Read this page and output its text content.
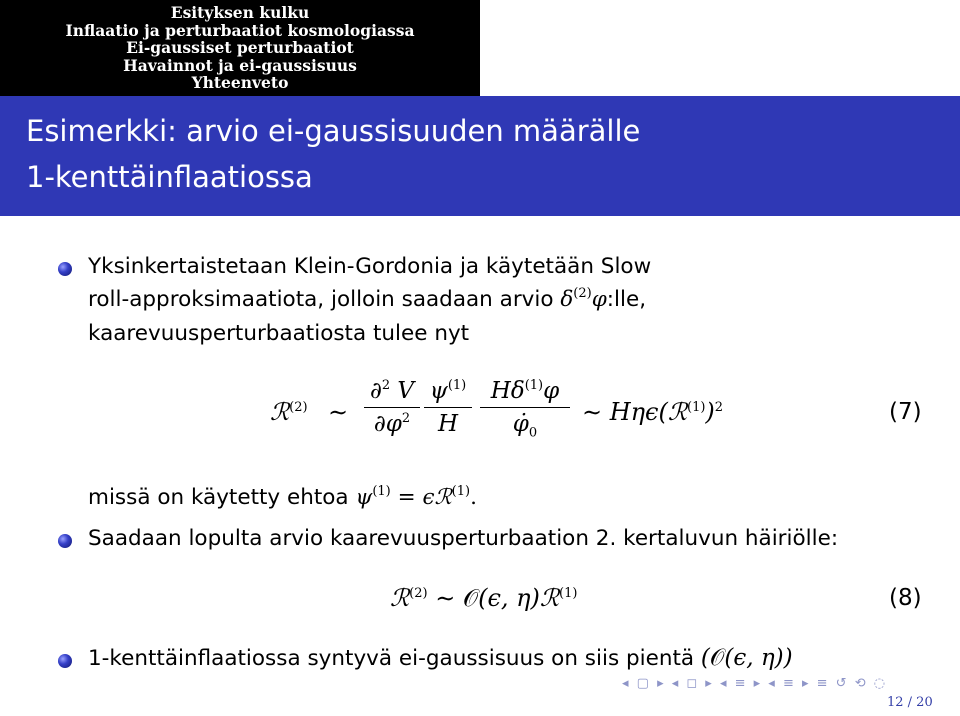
Esityksen kulku
Inflaatio ja perturbaatiot kosmologiassa
Ei-gaussiset perturbaatiot
Havainnot ja ei-gaussisuus
Yhteenveto
Esimerkki: arvio ei-gaussisuuden määrälle
1-kenttäinflaatiossa
Yksinkertaistetaan Klein-Gordonia ja käytetään Slow
roll-approksimaatiota, jolloin saadaan arvio $\delta^{(2)}\varphi:lle$,
kaarevuusperturbaatiosta tulee nyt
ℛ$^{(2)}$ ∼
∂$^2$ V
$\partial\varphi^2$
$\psi^{(1)}$
H
$H\delta^{(1)}\varphi$
$\varphi̇_0$
∼ Hηϵ(ℛ$^{(1)}$)$^2$	(7)
missä on käytetty ehtoa $\psi^{(1)}$ = ϵℛ$^{(1)}$.
Saadaan lopulta arvio kaarevuusperturbaation 2. kertaluvun häiriölle:
ℛ$^{(2)}$ ∼ 𝒪(ϵ, η)ℛ$^{(1)}$	(8)
1-kenttäinflaatiossa syntyvä ei-gaussisuus on siis pientä (𝒪(ϵ, η))
◂ ▢ ▸ ◂ ◻ ▸ ◂ ≡ ▸ ◂ ≡ ▸ ≡ ↺ ⟲ ◌
12 / 20
